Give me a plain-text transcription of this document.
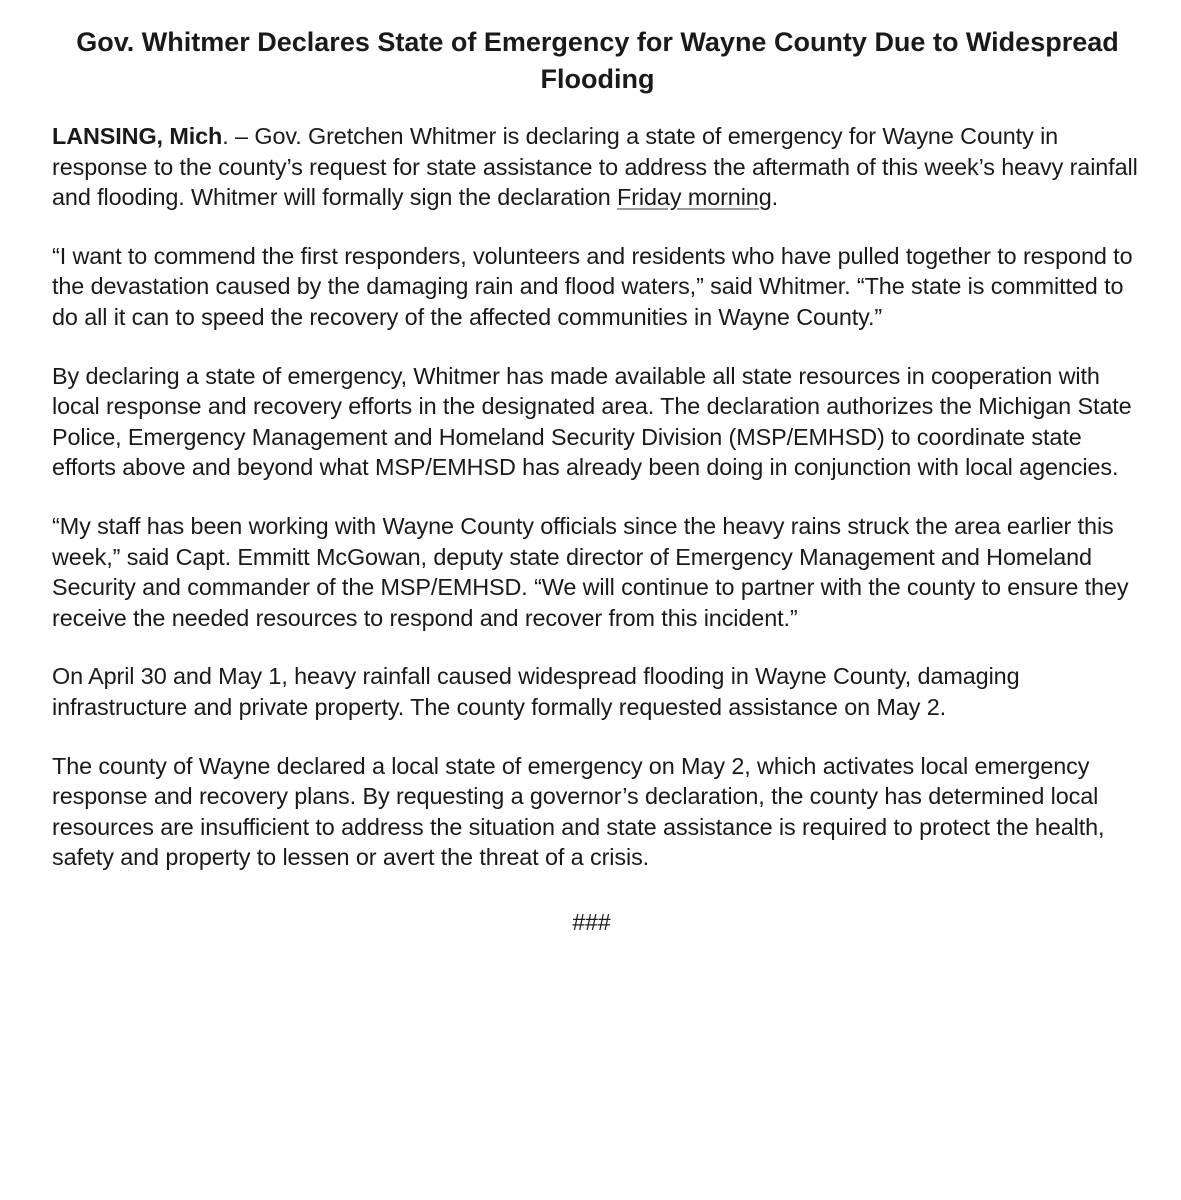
Gov. Whitmer Declares State of Emergency for Wayne County Due to Widespread Flooding

LANSING, Mich. – Gov. Gretchen Whitmer is declaring a state of emergency for Wayne County in response to the county’s request for state assistance to address the aftermath of this week’s heavy rainfall and flooding. Whitmer will formally sign the declaration Friday morning.

“I want to commend the first responders, volunteers and residents who have pulled together to respond to the devastation caused by the damaging rain and flood waters,” said Whitmer. “The state is committed to do all it can to speed the recovery of the affected communities in Wayne County.”

By declaring a state of emergency, Whitmer has made available all state resources in cooperation with local response and recovery efforts in the designated area. The declaration authorizes the Michigan State Police, Emergency Management and Homeland Security Division (MSP/EMHSD) to coordinate state efforts above and beyond what MSP/EMHSD has already been doing in conjunction with local agencies.

“My staff has been working with Wayne County officials since the heavy rains struck the area earlier this week,” said Capt. Emmitt McGowan, deputy state director of Emergency Management and Homeland Security and commander of the MSP/EMHSD. “We will continue to partner with the county to ensure they receive the needed resources to respond and recover from this incident.”

On April 30 and May 1, heavy rainfall caused widespread flooding in Wayne County, damaging infrastructure and private property. The county formally requested assistance on May 2.

The county of Wayne declared a local state of emergency on May 2, which activates local emergency response and recovery plans. By requesting a governor’s declaration, the county has determined local resources are insufficient to address the situation and state assistance is required to protect the health, safety and property to lessen or avert the threat of a crisis.

###
